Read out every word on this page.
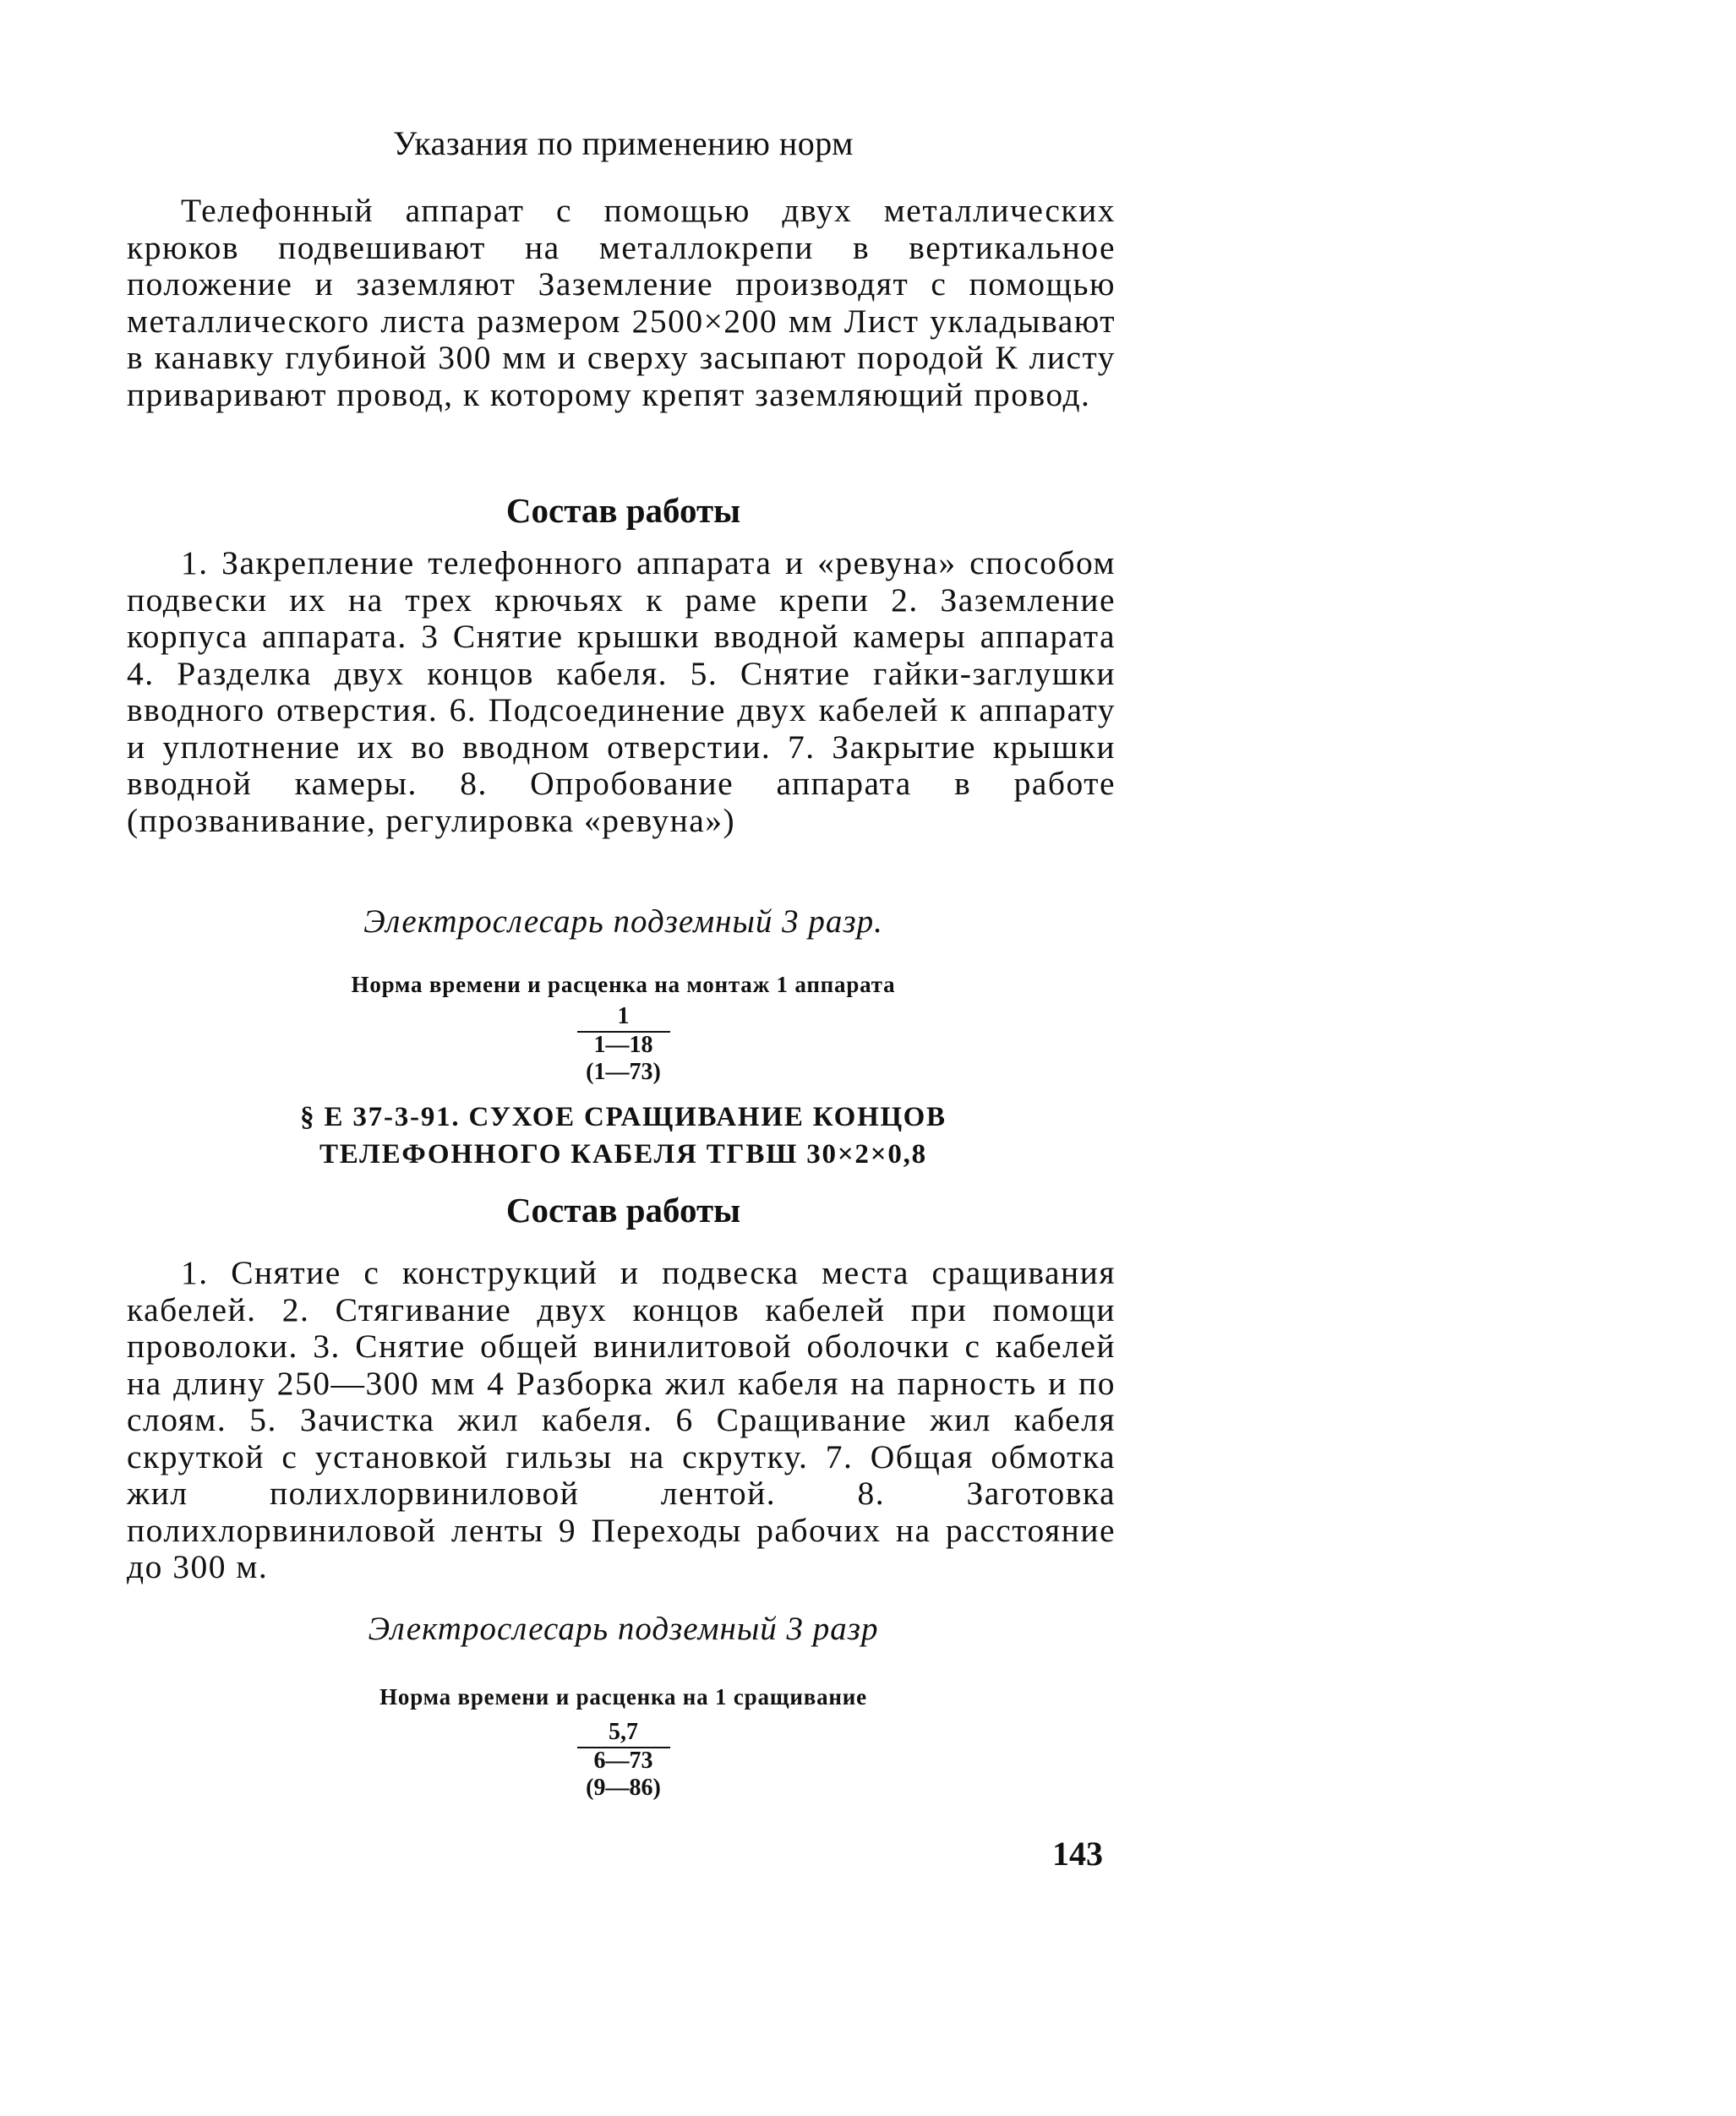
Указания по применению норм

Телефонный аппарат с помощью двух металлических крюков подвешивают на металлокрепи в вертикальное положение и заземляют Заземление производят с помощью металлического листа размером 2500×200 мм Лист укладывают в канавку глубиной 300 мм и сверху засыпают породой К листу приваривают провод, к которому крепят заземляющий провод.

Состав работы

1. Закрепление телефонного аппарата и «ревуна» способом подвески их на трех крючьях к раме крепи 2. Заземление корпуса аппарата. 3 Снятие крышки вводной камеры аппарата 4. Разделка двух концов кабеля. 5. Снятие гайки-заглушки вводного отверстия. 6. Подсоединение двух кабелей к аппарату и уплотнение их во вводном отверстии. 7. Закрытие крышки вводной камеры. 8. Опробование аппарата в работе (прозванивание, регулировка «ревуна»)

Электрослесарь подземный 3 разр.
Норма времени и расценка на монтаж 1 аппарата
1
1—18
(1—73)
§ Е 37-3-91. СУХОЕ СРАЩИВАНИЕ КОНЦОВ
ТЕЛЕФОННОГО КАБЕЛЯ ТГВШ 30×2×0,8
Состав работы

1. Снятие с конструкций и подвеска места сращивания кабелей. 2. Стягивание двух концов кабелей при помощи проволоки. 3. Снятие общей винилитовой оболочки с кабелей на длину 250—300 мм 4 Разборка жил кабеля на парность и по слоям. 5. Зачистка жил кабеля. 6 Сращивание жил кабеля скруткой с установкой гильзы на скрутку. 7. Общая обмотка жил полихлорвиниловой лентой. 8. Заготовка полихлорвиниловой ленты 9 Переходы рабочих на расстояние до 300 м.

Электрослесарь подземный 3 разр
Норма времени и расценка на 1 сращивание
5,7
6—73
(9—86)
143
